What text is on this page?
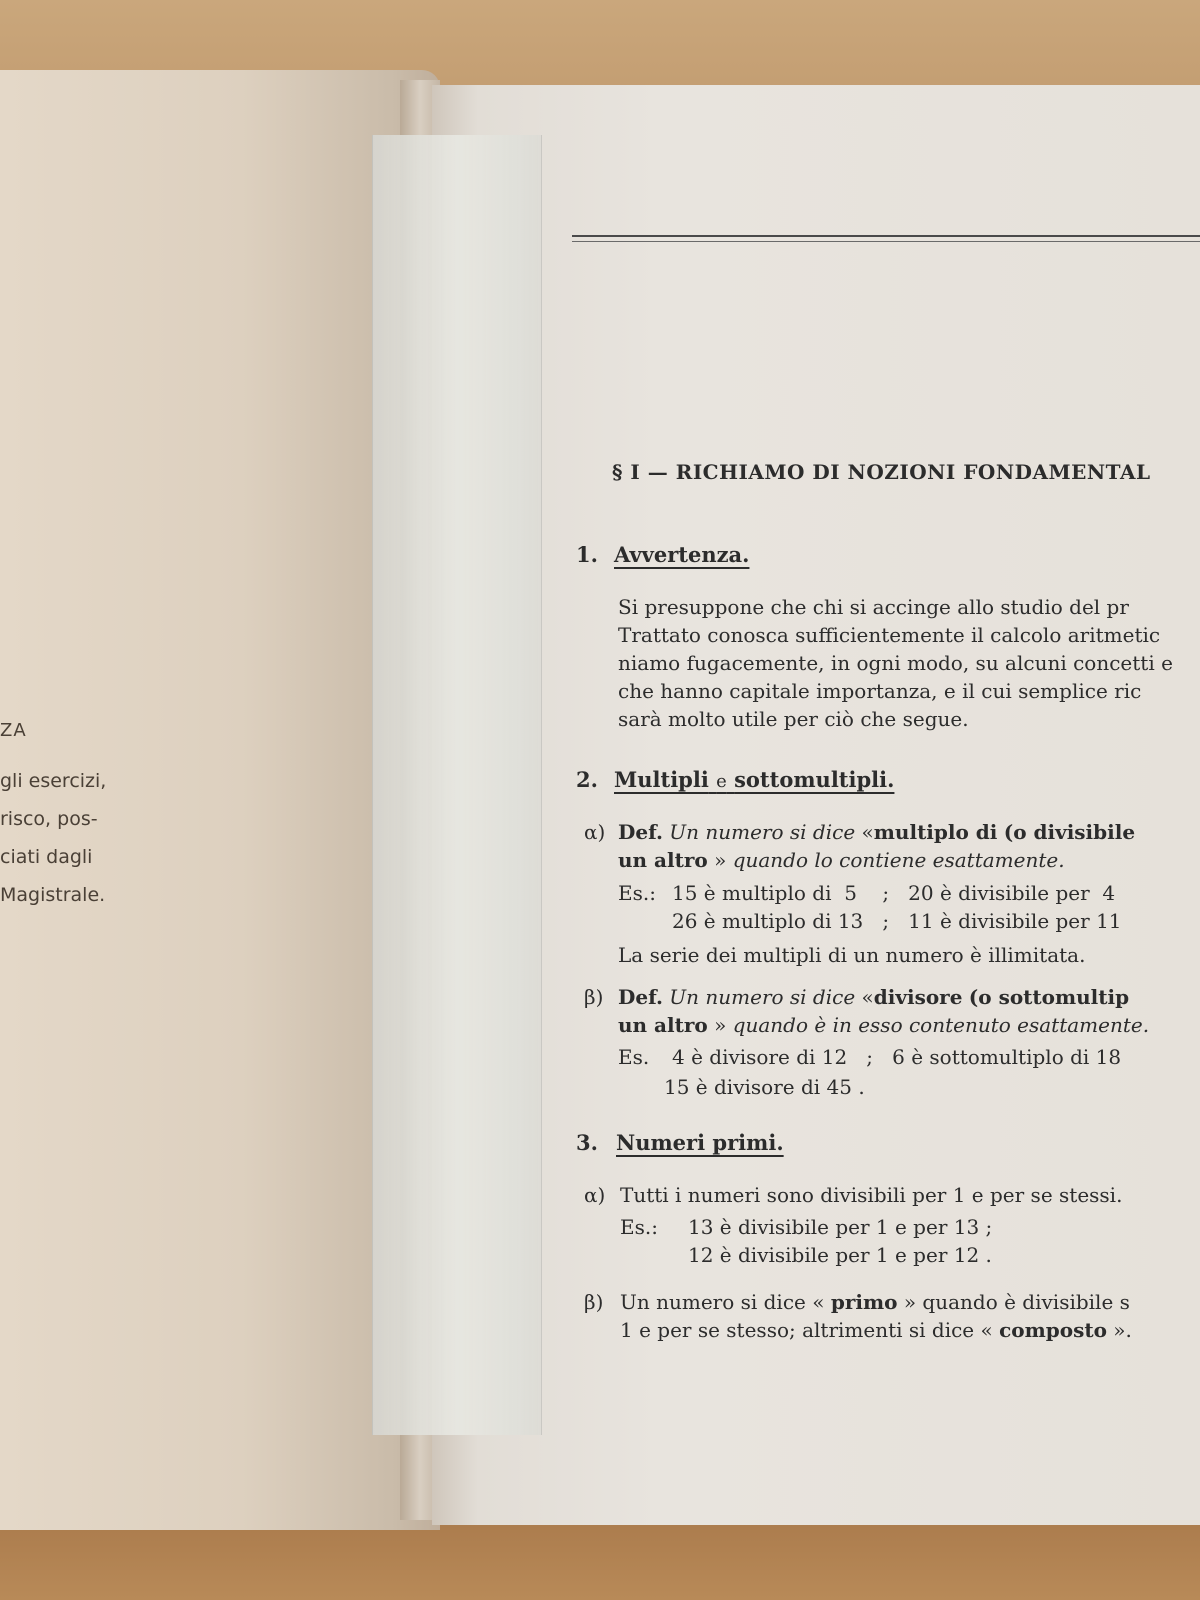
ZA
gli esercizi,
risco, pos-
ciati dagli
Magistrale.
§ I — RICHIAMO DI NOZIONI FONDAMENTAL
1. Avvertenza.
Si presuppone che chi si accinge allo studio del pr
Trattato conosca sufficientemente il calcolo aritmetic
niamo fugacemente, in ogni modo, su alcuni concetti e
che hanno capitale importanza, e il cui semplice ric
sarà molto utile per ciò che segue.
2. Multipli e sottomultipli.
α) Def. Un numero si dice «multiplo di (o divisibile
un altro » quando lo contiene esattamente.
Es.: 15 è multiplo di  5    ;   20 è divisibile per  4
26 è multiplo di 13   ;   11 è divisibile per 11
La serie dei multipli di un numero è illimitata.
β) Def. Un numero si dice «divisore (o sottomultip
un altro » quando è in esso contenuto esattamente.
Es. 4 è divisore di 12   ;   6 è sottomultiplo di 18
15 è divisore di 45 .
3. Numeri primi.
α) Tutti i numeri sono divisibili per 1 e per se stessi.
Es.: 13 è divisibile per 1 e per 13 ;
12 è divisibile per 1 e per 12 .
β) Un numero si dice « primo » quando è divisibile s
1 e per se stesso; altrimenti si dice « composto ».
